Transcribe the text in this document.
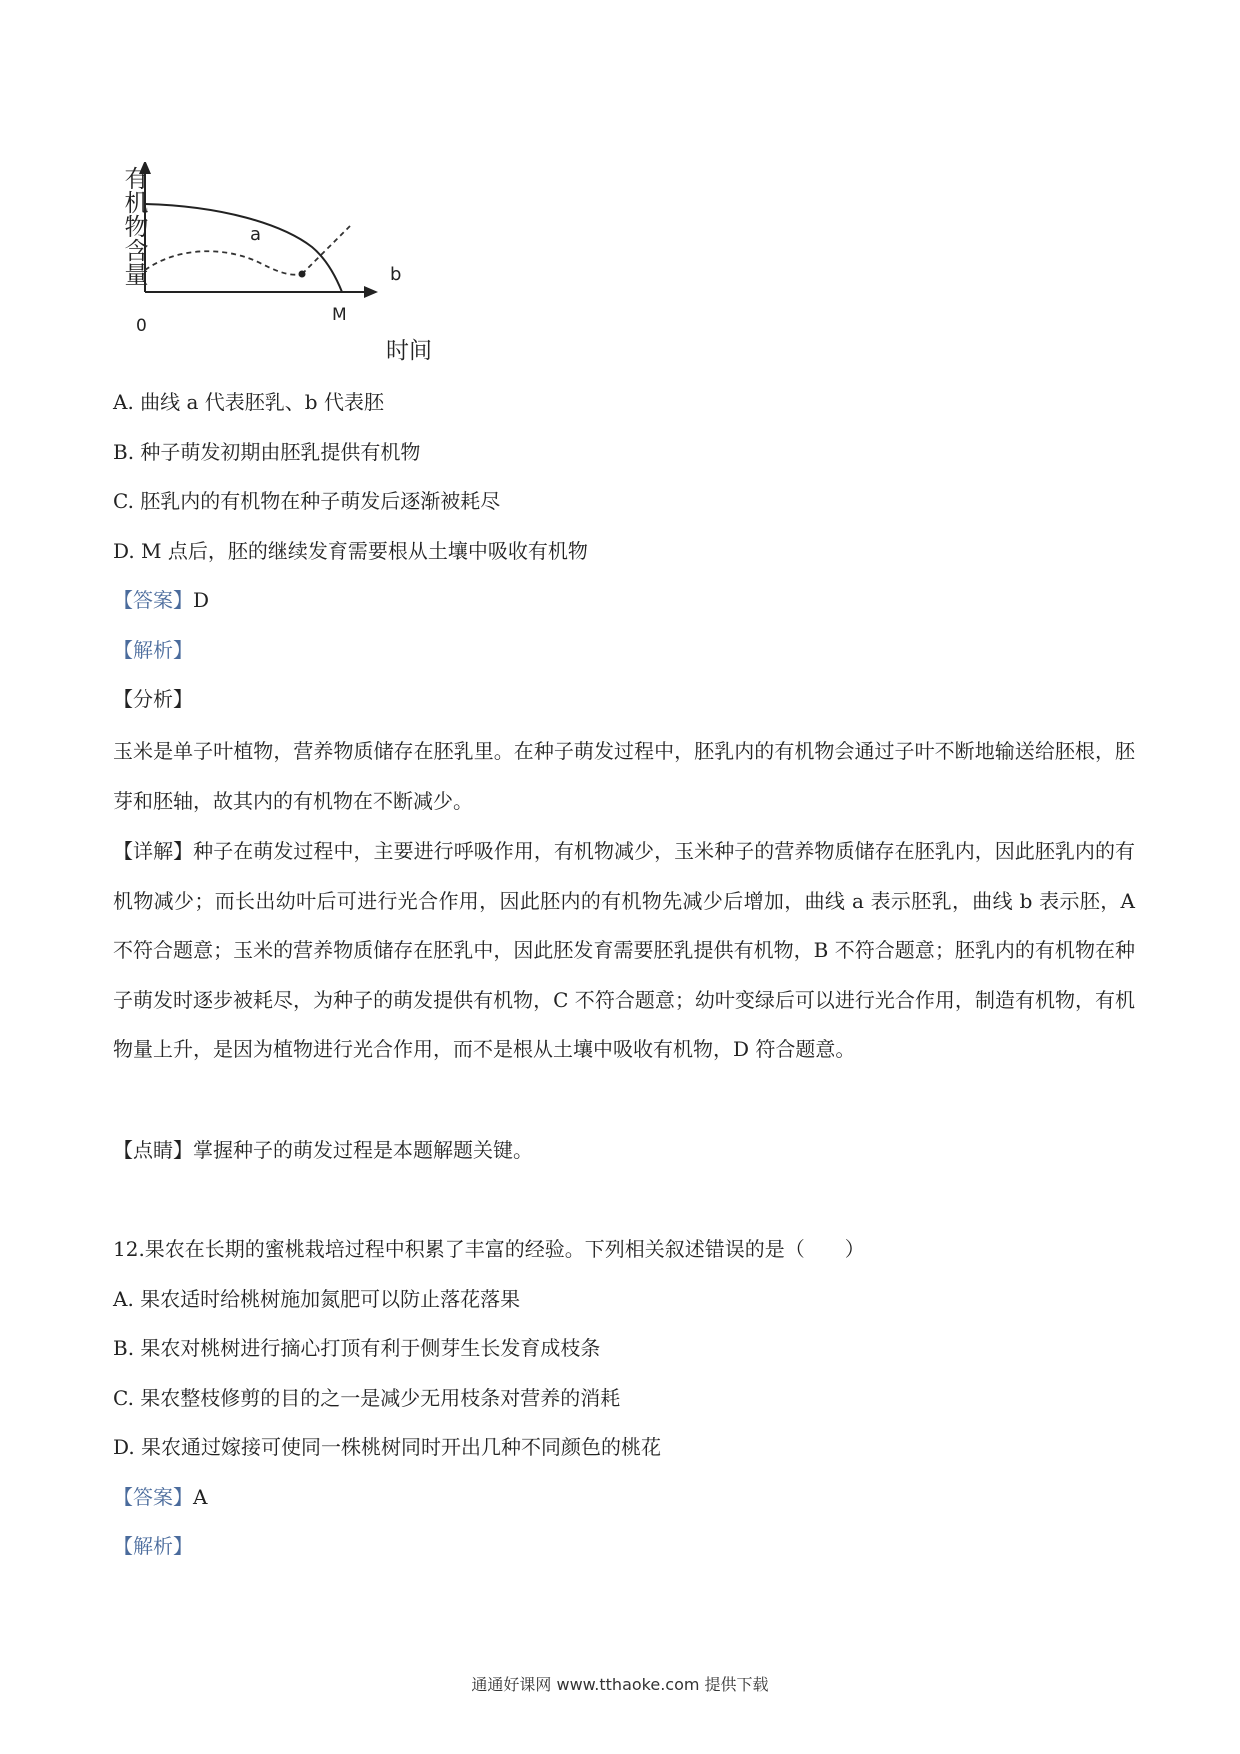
有机物含量
0
时间
a
b
M
A. 曲线 a 代表胚乳、b 代表胚
B. 种子萌发初期由胚乳提供有机物
C. 胚乳内的有机物在种子萌发后逐渐被耗尽
D. M 点后，胚的继续发育需要根从土壤中吸收有机物
【答案】D
【解析】
【分析】
玉米是单子叶植物，营养物质储存在胚乳里。在种子萌发过程中，胚乳内的有机物会通过子叶不断地输送给胚根，胚芽和胚轴，故其内的有机物在不断减少。
【详解】种子在萌发过程中，主要进行呼吸作用，有机物减少，玉米种子的营养物质储存在胚乳内，因此胚乳内的有机物减少；而长出幼叶后可进行光合作用，因此胚内的有机物先减少后增加，曲线 a 表示胚乳，曲线 b 表示胚，A 不符合题意；玉米的营养物质储存在胚乳中，因此胚发育需要胚乳提供有机物，B 不符合题意；胚乳内的有机物在种子萌发时逐步被耗尽，为种子的萌发提供有机物，C 不符合题意；幼叶变绿后可以进行光合作用，制造有机物，有机物量上升，是因为植物进行光合作用，而不是根从土壤中吸收有机物，D 符合题意。
【点睛】掌握种子的萌发过程是本题解题关键。
12.果农在长期的蜜桃栽培过程中积累了丰富的经验。下列相关叙述错误的是（　　）
A. 果农适时给桃树施加氮肥可以防止落花落果
B. 果农对桃树进行摘心打顶有利于侧芽生长发育成枝条
C. 果农整枝修剪的目的之一是减少无用枝条对营养的消耗
D. 果农通过嫁接可使同一株桃树同时开出几种不同颜色的桃花
【答案】A
【解析】
通通好课网 www.tthaoke.com 提供下载
